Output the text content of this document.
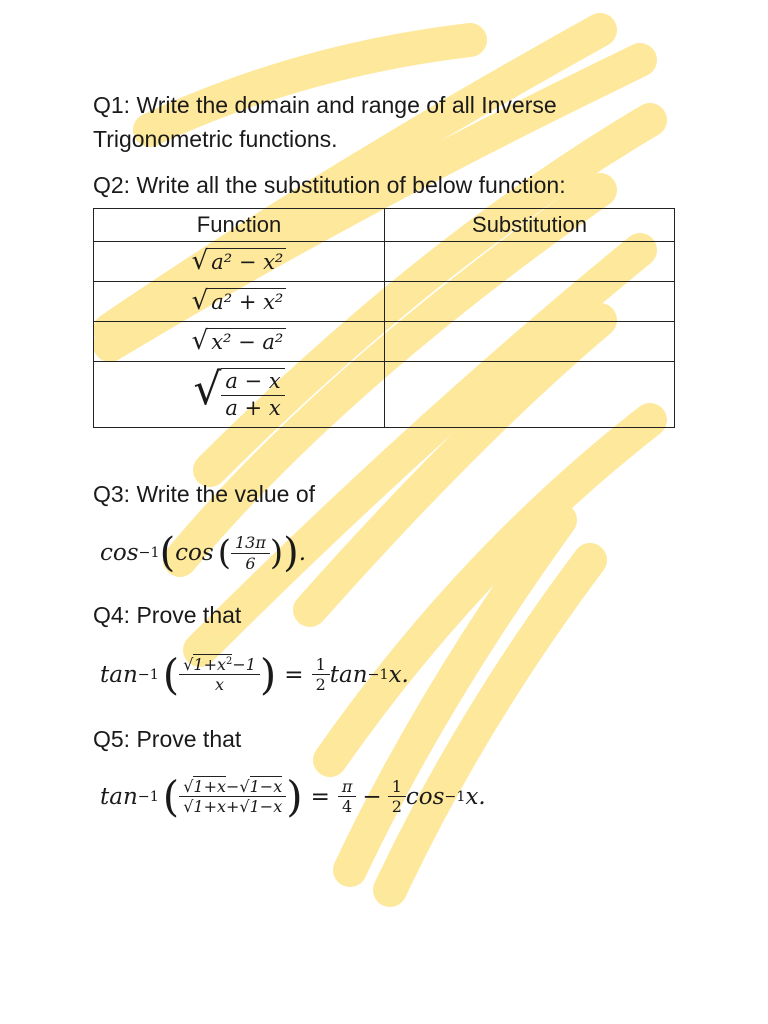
Q1: Write the domain and range of all Inverse
Trigonometric functions.
Q2: Write all the substitution of below function:
Function	Substitution

√ a² − x²	

√ a² + x²	

√ x² − a²	

√ $\frac{a - x}{a + x}$

Q3: Write the value of
cos −1 ( cos ( $\frac{13\pi}{6}$ ) ) .
Q4: Prove that
tan −1 ( $\frac{√1+x^2-1}{x}$ ) = $\frac{1}{2}$ tan −1 x.
Q5: Prove that
tan −1 ( $\frac{√1+x-√1-x}{√1+x+√1-x}$ ) = $\frac{\pi}{4} - \frac{1}{2}$ cos −1 x.
